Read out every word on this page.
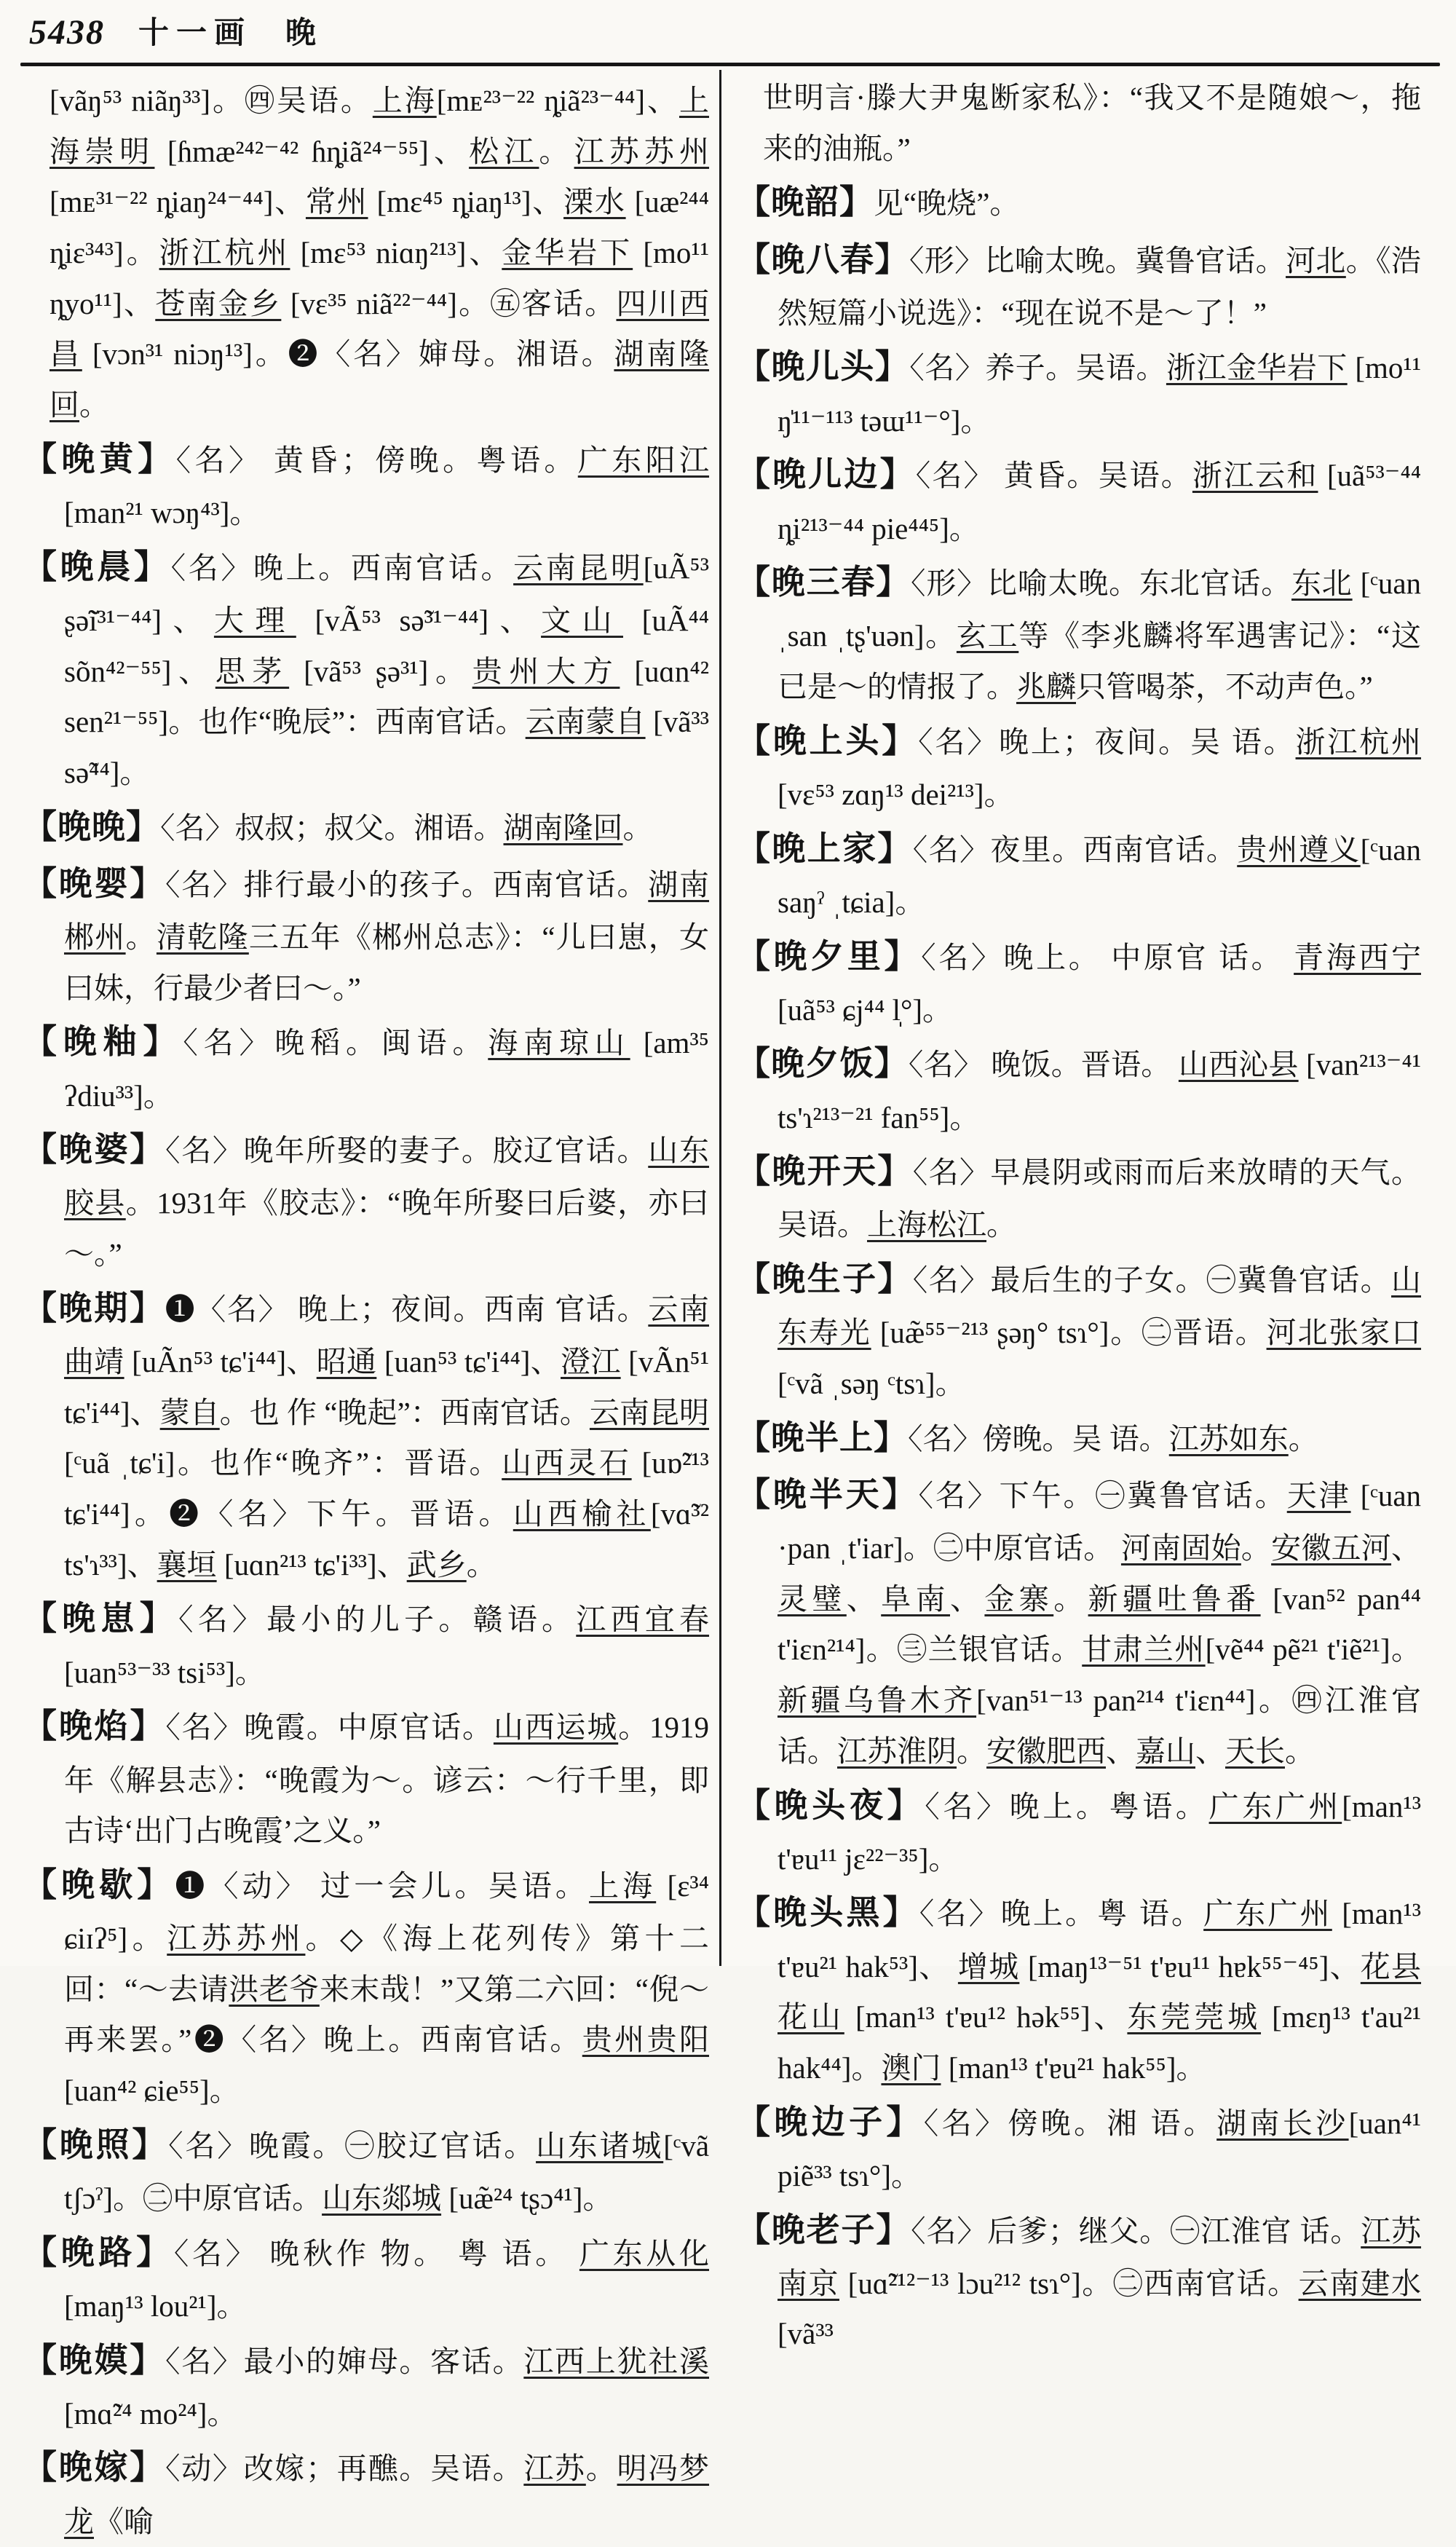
5438 十一画 晚

[vãŋ⁵³ niãŋ³³]。㊃吴语。上海[mᴇ²³⁻²² ȵiã²³⁻⁴⁴]、上海崇明 [ɦmæ²⁴²⁻⁴² ɦȵiã²⁴⁻⁵⁵]、松江。江苏苏州 [mᴇ³¹⁻²² ȵiaŋ²⁴⁻⁴⁴]、常州 [mɛ⁴⁵ ȵiaŋ¹³]、溧水 [uæ²⁴⁴ ȵiɛ³⁴³]。浙江杭州 [mɛ⁵³ niɑŋ²¹³]、金华岩下 [mo¹¹ ȵyo¹¹]、苍南金乡 [vɛ³⁵ niã²²⁻⁴⁴]。㊄客话。四川西昌 [vɔn³¹ niɔŋ¹³]。❷〈名〉婶母。湘语。湖南隆回。

【晚黄】〈名〉 黄昏；傍晚。粤语。广东阳江 [man²¹ wɔŋ⁴³]。

【晚晨】〈名〉晚上。西南官话。云南昆明[uÃ⁵³ ʂə̃ĩ³¹⁻⁴⁴]、大理 [vÃ⁵³ sə̃³¹⁻⁴⁴]、文山 [uÃ⁴⁴ sõn⁴²⁻⁵⁵]、思茅 [vã⁵³ ʂə³¹]。贵州大方 [uɑn⁴² sen²¹⁻⁵⁵]。也作“晚辰”：西南官话。云南蒙自 [vã³³ sə̃⁴⁴]。

【晚晚】〈名〉叔叔；叔父。湘语。湖南隆回。

【晚婴】〈名〉排行最小的孩子。西南官话。湖南郴州。清乾隆三五年《郴州总志》：“儿曰崽，女曰妹，行最少者曰～。”

【晚粙】〈名〉晚稻。闽语。海南琼山 [am³⁵ ʔdiu³³]。

【晚婆】〈名〉晚年所娶的妻子。胶辽官话。山东胶县。1931年《胶志》：“晚年所娶曰后婆，亦曰～。”

【晚期】❶〈名〉 晚上；夜间。西南 官话。云南曲靖 [uÃn⁵³ tɕ'i⁴⁴]、昭通 [uan⁵³ tɕ'i⁴⁴]、澄江 [vÃn⁵¹ tɕ'i⁴⁴]、蒙自。也 作 “晚起”：西南官话。云南昆明 [ᶜuã ˌtɕ'i]。也作“晚齐”：晋语。山西灵石 [uɒ̃²¹³ tɕ'i⁴⁴]。❷〈名〉下午。晋语。山西榆社[vɑ̃³² ts'ɿ³³]、襄垣 [uɑn²¹³ tɕ'i³³]、武乡。

【晚崽】〈名〉最小的儿子。赣语。江西宜春 [uan⁵³⁻³³ tsi⁵³]。

【晚焰】〈名〉晚霞。中原官话。山西运城。1919年《解县志》：“晚霞为～。谚云：～行千里，即古诗‘出门占晚霞’之义。”

【晚歇】❶〈动〉 过一会儿。吴语。上海 [ɛ³⁴ ɕiɪʔ⁵]。江苏苏州。◇《海上花列传》第十二回：“～去请洪老爷来末哉！”又第二六回：“倪～再来罢。”❷〈名〉晚上。西南官话。贵州贵阳 [uan⁴² ɕie⁵⁵]。

【晚照】〈名〉晚霞。㊀胶辽官话。山东诸城[ᶜvã tʃɔˀ]。㊁中原官话。山东郯城 [uæ̃²⁴ tʂɔ⁴¹]。

【晚路】〈名〉 晚秋作 物。 粤 语。 广东从化 [maŋ¹³ lou²¹]。

【晚嫫】〈名〉最小的婶母。客话。江西上犹社溪[mɑ̃²⁴ mo²⁴]。

【晚嫁】〈动〉改嫁；再醮。吴语。江苏。明冯梦龙《喻

世明言·滕大尹鬼断家私》：“我又不是随娘～，拖来的油瓶。”

【晚韶】见“晚烧”。

【晚八春】〈形〉比喻太晚。冀鲁官话。河北。《浩然短篇小说选》：“现在说不是～了！”

【晚儿头】〈名〉养子。吴语。浙江金华岩下 [mo¹¹ ŋ̍¹¹⁻¹¹³ təɯ¹¹⁻°]。

【晚儿边】〈名〉 黄昏。吴语。浙江云和 [uã⁵³⁻⁴⁴ ȵi²¹³⁻⁴⁴ pie⁴⁴⁵]。

【晚三春】〈形〉比喻太晚。东北官话。东北 [ᶜuan ˌsan ˌtʂ'uən]。玄工等《李兆麟将军遇害记》：“这已是～的情报了。兆麟只管喝茶，不动声色。”

【晚上头】〈名〉晚上；夜间。吴 语。浙江杭州 [vɛ⁵³ zɑŋ¹³ dei²¹³]。

【晚上家】〈名〉夜里。西南官话。贵州遵义[ᶜuan saŋˀ ˌtɕia]。

【晚夕里】〈名〉晚上。 中原官 话。 青海西宁 [uã⁵³ ɕj⁴⁴ l̩°]。

【晚夕饭】〈名〉 晚饭。晋语。 山西沁县 [van²¹³⁻⁴¹ ts'ɿ²¹³⁻²¹ fan⁵⁵]。

【晚开天】〈名〉早晨阴或雨而后来放晴的天气。吴语。上海松江。

【晚生子】〈名〉最后生的子女。㊀冀鲁官话。山东寿光 [uæ̃⁵⁵⁻²¹³ ʂəŋ° tsɿ°]。㊁晋语。河北张家口[ᶜvã ˌsəŋ ᶜtsɿ]。

【晚半上】〈名〉傍晚。吴 语。江苏如东。

【晚半天】〈名〉下午。㊀冀鲁官话。天津 [ᶜuan ·pan ˌt'iar]。㊁中原官话。 河南固始。安徽五河、灵璧、阜南、金寨。新疆吐鲁番 [van⁵² pan⁴⁴ t'iɛn²¹⁴]。㊂兰银官话。甘肃兰州[vẽ⁴⁴ pẽ²¹ t'iẽ²¹]。新疆乌鲁木齐[van⁵¹⁻¹³ pan²¹⁴ t'iɛn⁴⁴]。㊃江淮官话。江苏淮阴。安徽肥西、嘉山、天长。

【晚头夜】〈名〉晚上。粤语。广东广州[man¹³ t'ɐu¹¹ jɛ²²⁻³⁵]。

【晚头黑】〈名〉晚上。粤 语。广东广州 [man¹³ t'ɐu²¹ hak⁵³]、 增城 [maŋ¹³⁻⁵¹ t'ɐu¹¹ hɐk⁵⁵⁻⁴⁵]、花县花山 [man¹³ t'ɐu¹² hək⁵⁵]、东莞莞城 [mɛŋ¹³ t'au²¹ hak⁴⁴]。澳门 [man¹³ t'ɐu²¹ hak⁵⁵]。

【晚边子】〈名〉傍晚。湘 语。湖南长沙[uan⁴¹ piẽ³³ tsɿ°]。

【晚老子】〈名〉后爹；继父。㊀江淮官 话。江苏南京 [uɑ̃²¹²⁻¹³ lɔu²¹² tsɿ°]。㊁西南官话。云南建水 [vã³³
